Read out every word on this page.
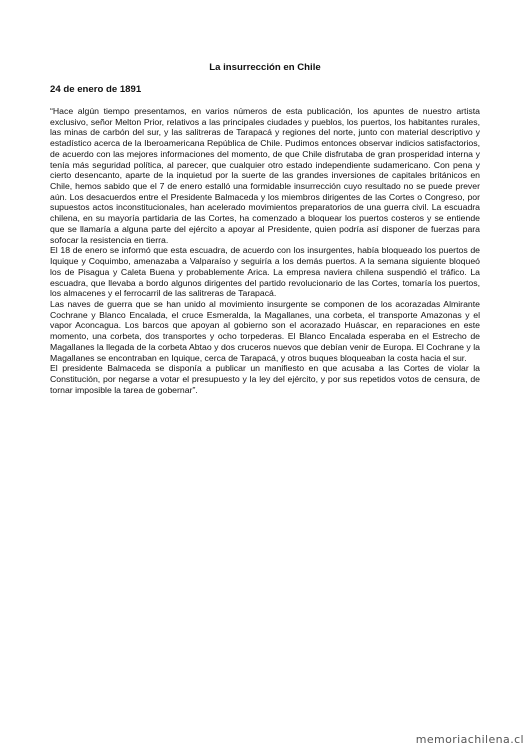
La insurrección en Chile
24 de enero de 1891

“Hace algún tiempo presentamos, en varios números de esta publicación, los apuntes de nuestro artista exclusivo, señor Melton Prior, relativos a las principales ciudades y pueblos, los puertos, los habitantes rurales, las minas de carbón del sur, y las salitreras de Tarapacá y regiones del norte, junto con material descriptivo y estadístico acerca de la Iberoamericana República de Chile. Pudimos entonces observar indicios satisfactorios, de acuerdo con las mejores informaciones del momento, de que Chile disfrutaba de gran prosperidad interna y tenía más seguridad política, al parecer, que cualquier otro estado independiente sudamericano. Con pena y cierto desencanto, aparte de la inquietud por la suerte de las grandes inversiones de capitales británicos en Chile, hemos sabido que el 7 de enero estalló una formidable insurrección cuyo resultado no se puede prever aún. Los desacuerdos entre el Presidente Balmaceda y los miembros dirigentes de las Cortes o Congreso, por supuestos actos inconstitucionales, han acelerado movimientos preparatorios de una guerra civil. La escuadra chilena, en su mayoría partidaria de las Cortes, ha comenzado a bloquear los puertos costeros y se entiende que se llamaría a alguna parte del ejército a apoyar al Presidente, quien podría así disponer de fuerzas para sofocar la resistencia en tierra.

El 18 de enero se informó que esta escuadra, de acuerdo con los insurgentes, había bloqueado los puertos de Iquique y Coquimbo, amenazaba a Valparaíso y seguiría a los demás puertos. A la semana siguiente bloqueó los de Pisagua y Caleta Buena y probablemente Arica. La empresa naviera chilena suspendió el tráfico. La escuadra, que llevaba a bordo algunos dirigentes del partido revolucionario de las Cortes, tomaría los puertos, los almacenes y el ferrocarril de las salitreras de Tarapacá.

Las naves de guerra que se han unido al movimiento insurgente se componen de los acorazadas Almirante Cochrane y Blanco Encalada, el cruce Esmeralda, la Magallanes, una corbeta, el transporte Amazonas y el vapor Aconcagua. Los barcos que apoyan al gobierno son el acorazado Huáscar, en reparaciones en este momento, una corbeta, dos transportes y ocho torpederas. El Blanco Encalada esperaba en el Estrecho de Magallanes la llegada de la corbeta Abtao y dos cruceros nuevos que debían venir de Europa. El Cochrane y la Magallanes se encontraban en Iquique, cerca de Tarapacá, y otros buques bloqueaban la costa hacia el sur.

El presidente Balmaceda se disponía a publicar un manifiesto en que acusaba a las Cortes de violar la Constitución, por negarse a votar el presupuesto y la ley del ejército, y por sus repetidos votos de censura, de tornar imposible la tarea de gobernar”.

memoriachilena.cl
